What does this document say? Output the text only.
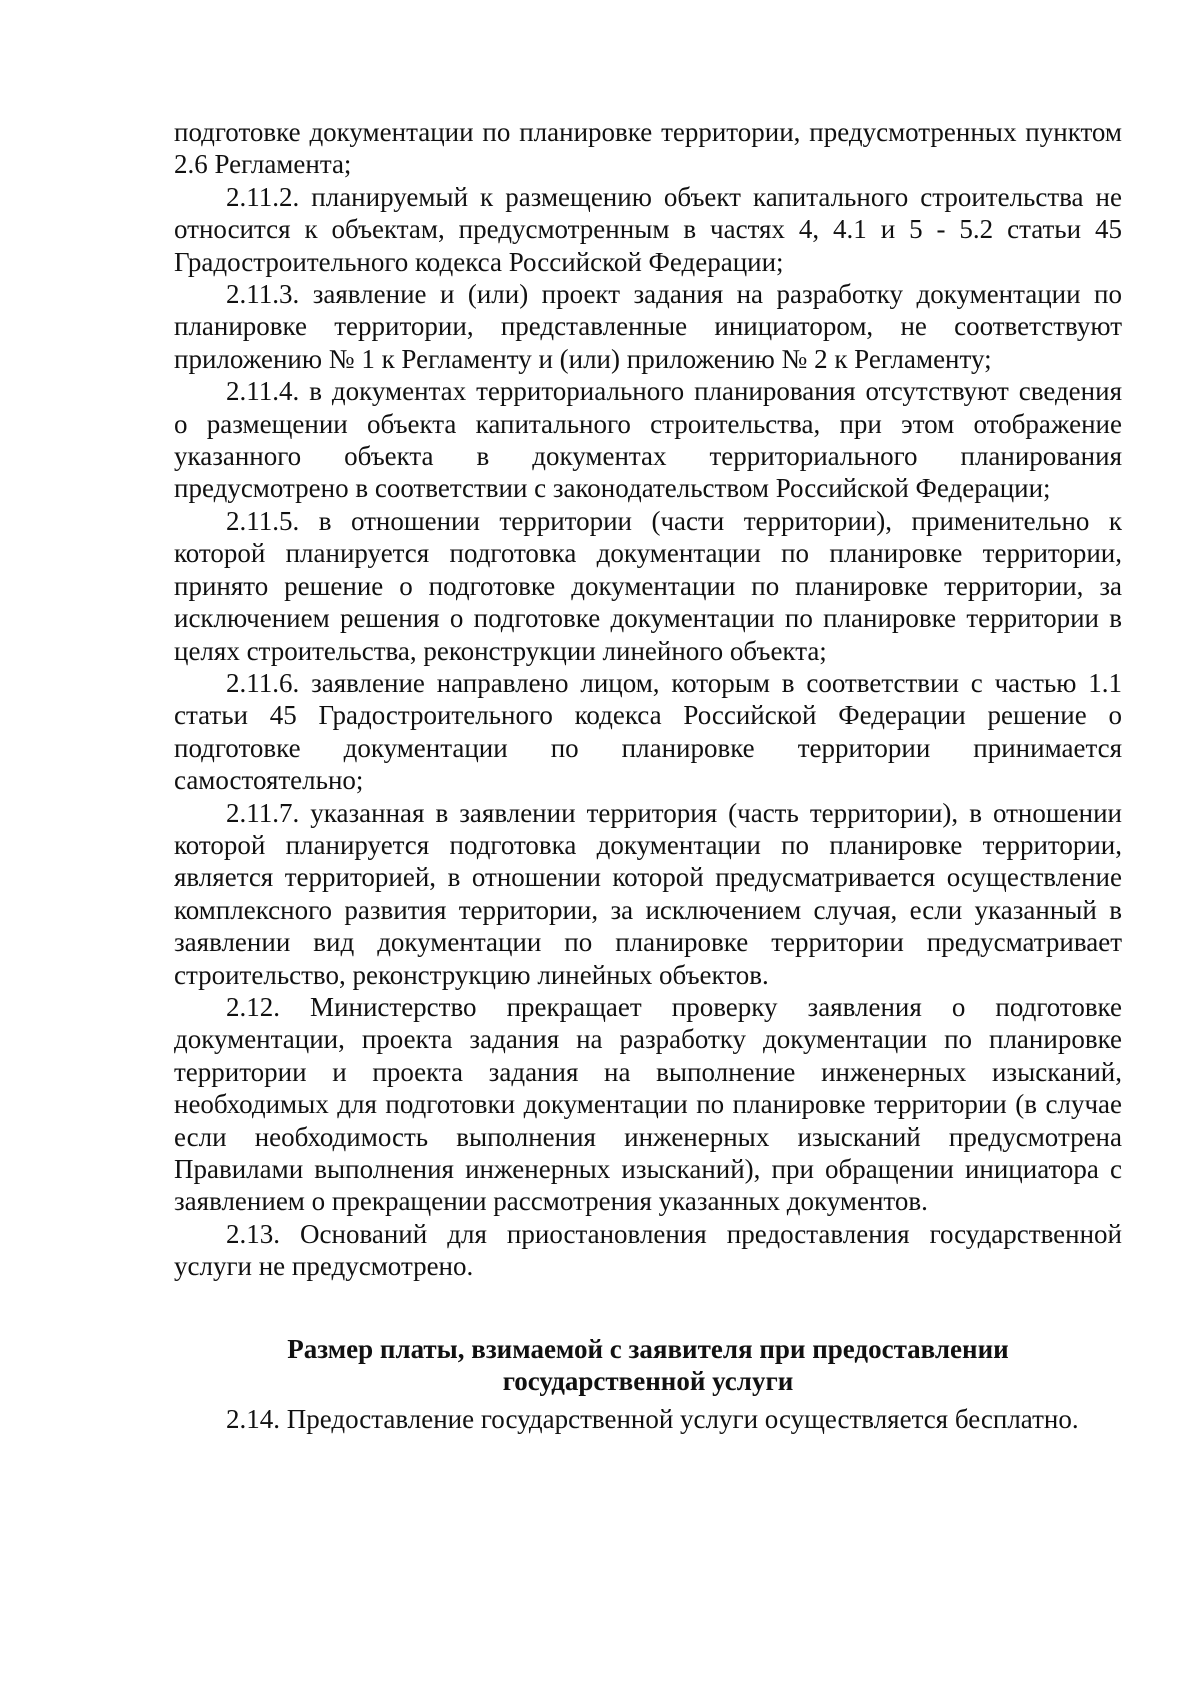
подготовке документации по планировке территории, предусмотренных пунктом 2.6 Регламента;

2.11.2. планируемый к размещению объект капитального строительства не относится к объектам, предусмотренным в частях 4, 4.1 и 5 - 5.2 статьи 45 Градостроительного кодекса Российской Федерации;

2.11.3. заявление и (или) проект задания на разработку документации по планировке территории, представленные инициатором, не соответствуют приложению № 1 к Регламенту и (или) приложению № 2 к Регламенту;

2.11.4. в документах территориального планирования отсутствуют сведения о размещении объекта капитального строительства, при этом отображение указанного объекта в документах территориального планирования предусмотрено в соответствии с законодательством Российской Федерации;

2.11.5. в отношении территории (части территории), применительно к которой планируется подготовка документации по планировке территории, принято решение о подготовке документации по планировке территории, за исключением решения о подготовке документации по планировке территории в целях строительства, реконструкции линейного объекта;

2.11.6. заявление направлено лицом, которым в соответствии с частью 1.1 статьи 45 Градостроительного кодекса Российской Федерации решение о подготовке документации по планировке территории принимается самостоятельно;

2.11.7. указанная в заявлении территория (часть территории), в отношении которой планируется подготовка документации по планировке территории, является территорией, в отношении которой предусматривается осуществление комплексного развития территории, за исключением случая, если указанный в заявлении вид документации по планировке территории предусматривает строительство, реконструкцию линейных объектов.

2.12. Министерство прекращает проверку заявления о подготовке документации, проекта задания на разработку документации по планировке территории и проекта задания на выполнение инженерных изысканий, необходимых для подготовки документации по планировке территории (в случае если необходимость выполнения инженерных изысканий предусмотрена Правилами выполнения инженерных изысканий), при обращении инициатора с заявлением о прекращении рассмотрения указанных документов.

2.13. Оснований для приостановления предоставления государственной услуги не предусмотрено.

Размер платы, взимаемой с заявителя при предоставлении

государственной услуги

2.14. Предоставление государственной услуги осуществляется бесплатно.
